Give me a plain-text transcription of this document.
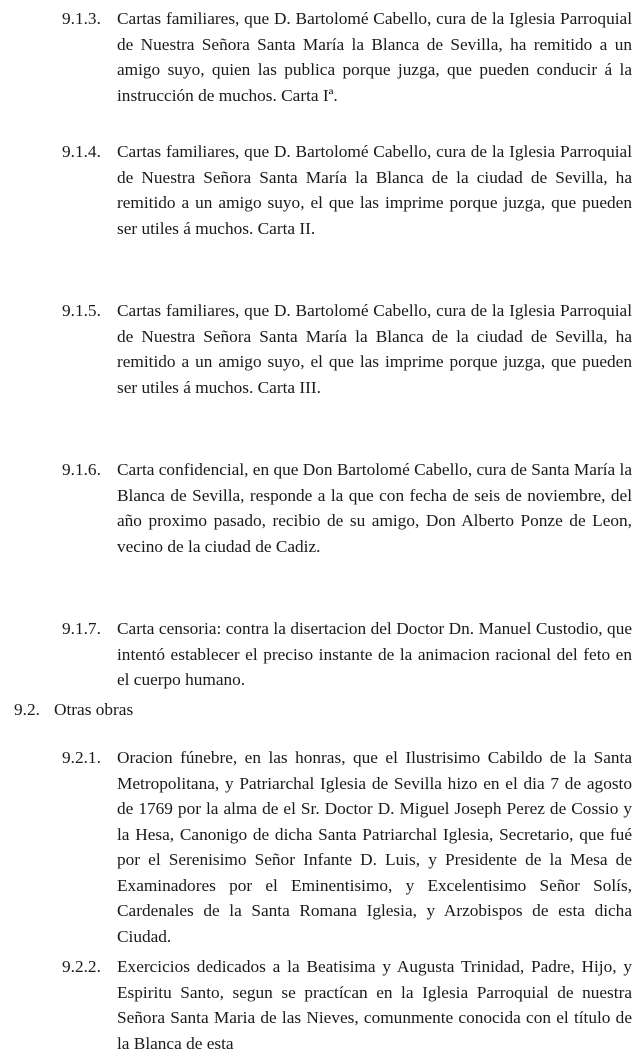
9.1.3. Cartas familiares, que D. Bartolomé Cabello, cura de la Iglesia Parroquial de Nuestra Señora Santa María la Blanca de Sevilla, ha remitido a un amigo suyo, quien las publica porque juzga, que pueden conducir á la instrucción de muchos. Carta Iª.
9.1.4. Cartas familiares, que D. Bartolomé Cabello, cura de la Iglesia Parroquial de Nuestra Señora Santa María la Blanca de la ciudad de Sevilla, ha remitido a un amigo suyo, el que las imprime porque juzga, que pueden ser utiles á muchos. Carta II.
9.1.5. Cartas familiares, que D. Bartolomé Cabello, cura de la Iglesia Parroquial de Nuestra Señora Santa María la Blanca de la ciudad de Sevilla, ha remitido a un amigo suyo, el que las imprime porque juzga, que pueden ser utiles á muchos. Carta III.
9.1.6. Carta confidencial, en que Don Bartolomé Cabello, cura de Santa María la Blanca de Sevilla, responde a la que con fecha de seis de noviembre, del año proximo pasado, recibio de su amigo, Don Alberto Ponze de Leon, vecino de la ciudad de Cadiz.
9.1.7. Carta censoria: contra la disertacion del Doctor Dn. Manuel Custodio, que intentó establecer el preciso instante de la animacion racional del feto en el cuerpo humano.
9.2. Otras obras
9.2.1. Oracion fúnebre, en las honras, que el Ilustrisimo Cabildo de la Santa Metropolitana, y Patriarchal Iglesia de Sevilla hizo en el dia 7 de agosto de 1769 por la alma de el Sr. Doctor D. Miguel Joseph Perez de Cossio y la Hesa, Canonigo de dicha Santa Patriarchal Iglesia, Secretario, que fué por el Serenisimo Señor Infante D. Luis, y Presidente de la Mesa de Examinadores por el Eminentisimo, y Excelentisimo Señor Solís, Cardenales de la Santa Romana Iglesia, y Arzobispos de esta dicha Ciudad.
9.2.2. Exercicios dedicados a la Beatisima y Augusta Trinidad, Padre, Hijo, y Espiritu Santo, segun se practícan en la Iglesia Parroquial de nuestra Señora Santa Maria de las Nieves, comunmente conocida con el título de la Blanca de esta
